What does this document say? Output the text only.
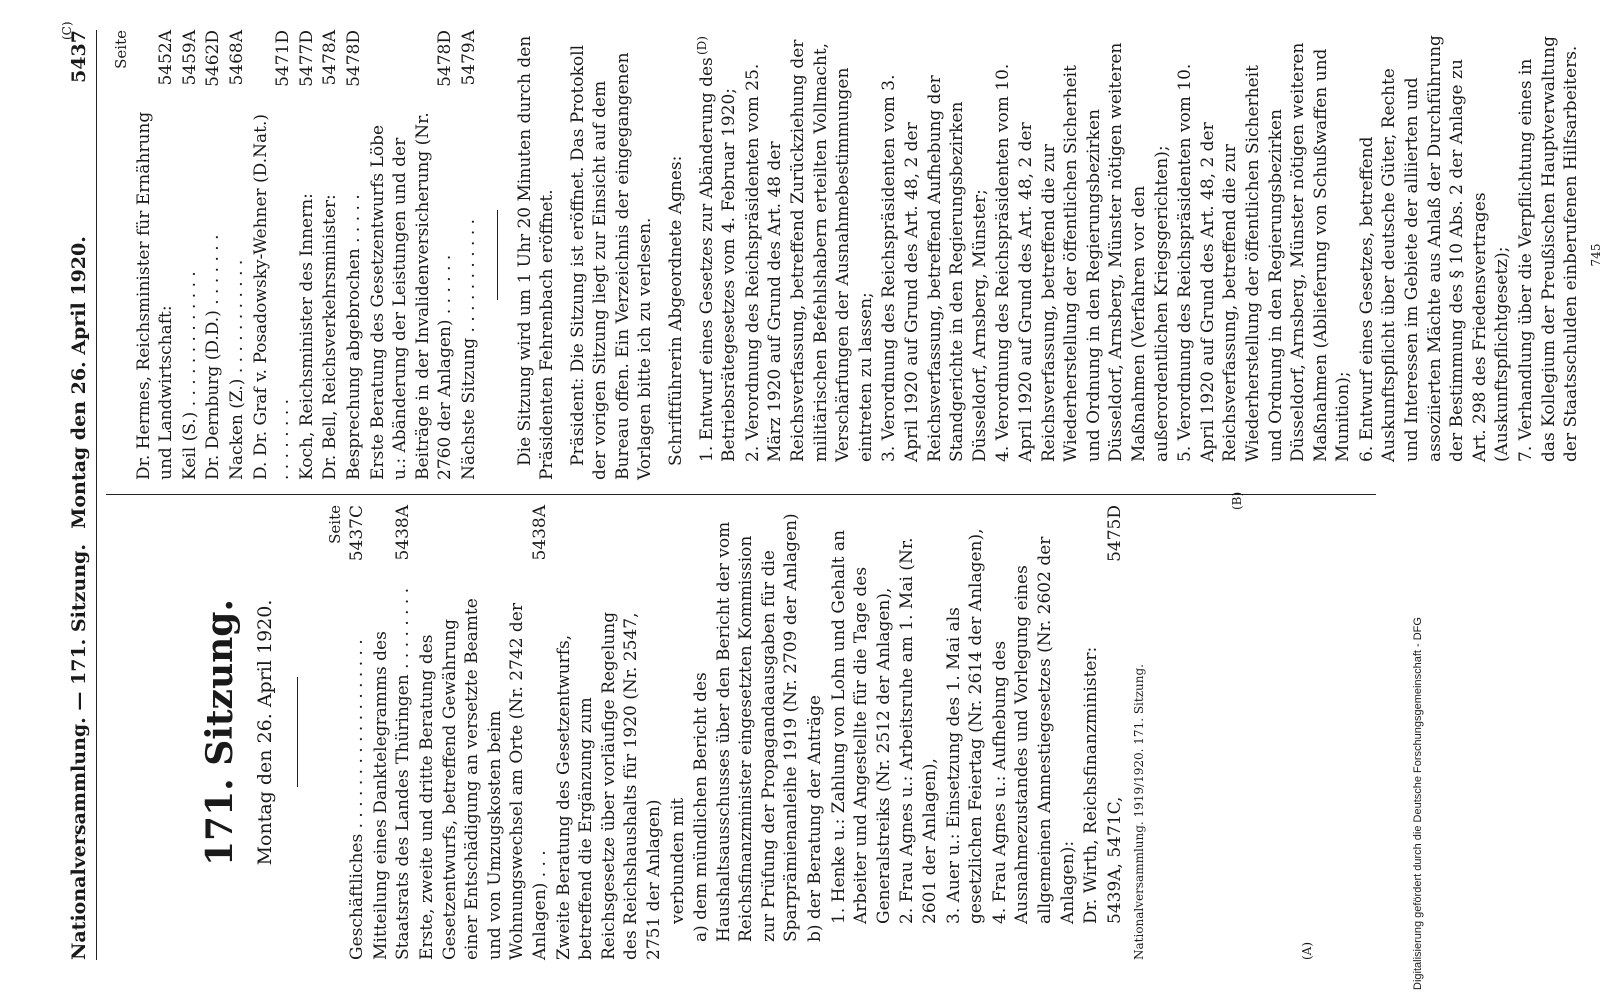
Nationalversammlung. — 171. Sitzung.
Montag den 26. April 1920.  5437
(A)
(B)
(C)
(D)
171. Sitzung. Montag den 26. April 1920.
Seite
Geschäftliches . . . . . . . . . . . . . . . . . .
5437C
Mitteilung eines Danktelegramms des Staatsrats des Landes Thüringen . . . . . . . .
5438A
Erste, zweite und dritte Beratung des Gesetzentwurfs, betreffend Gewährung einer Entschädigung an versetzte Beamte und von Umzugskosten beim Wohnungswechsel am Orte (Nr. 2742 der Anlagen) . . .
5438A
Zweite Beratung des Gesetzentwurfs, betreffend die Ergänzung zum Reichsgesetze über vorläufige Regelung des Reichshaushalts für 1920 (Nr. 2547, 2751 der Anlagen) verbunden mit a) dem mündlichen Bericht des Haushaltsausschusses über den Bericht der vom Reichsfinanzminister eingesetzten Kommission zur Prüfung der Propagandaausgaben für die Sparprämienanleihe 1919 (Nr. 2709 der Anlagen) b) der Beratung der Anträge 1. Henke u.: Zahlung von Lohn und Gehalt an Arbeiter und Angestellte für die Tage des Generalstreiks (Nr. 2512 der Anlagen), 2. Frau Agnes u.: Arbeitsruhe am 1. Mai (Nr. 2601 der Anlagen), 3. Auer u.: Einsetzung des 1. Mai als gesetzlichen Feiertag (Nr. 2614 der Anlagen), 4. Frau Agnes u.: Aufhebung des Ausnahmezustandes und Vorlegung eines allgemeinen Amnestiegesetzes (Nr. 2602 der Anlagen): Dr. Wirth, Reichsfinanzminister: 5439A, 5471C,
5475D
Nationalversammlung. 1919/1920. 171. Sitzung.
Seite
Dr. Hermes, Reichsminister für Ernährung und Landwirtschaft:
5452A
Keil (S.) . . . . . . . . . . . . .
5459A
Dr. Dernburg (D.D.) . . . . . . .
5462D
Nacken (Z.) . . . . . . . . . . .
5468A
D. Dr. Graf v. Posadowsky-Wehner (D.Nat.) . . . . . . . .
5471D
Koch, Reichsminister des Innern:
5477D
Dr. Bell, Reichsverkehrsminister:
5478A
Besprechung abgebrochen . . . . .
5478D
Erste Beratung des Gesetzentwurfs Löbe u.: Abänderung der Leistungen und der Beiträge in der Invalidenversicherung (Nr. 2760 der Anlagen) . . . . . .
5478D
Nächste Sitzung . . . . . . . . . . .
5479A Die Sitzung wird um 1 Uhr 20 Minuten durch den Präsidenten Fehrenbach eröffnet. Präsident: Die Sitzung ist eröffnet. Das Protokoll der vorigen Sitzung liegt zur Einsicht auf dem Bureau offen. Ein Verzeichnis der eingegangenen Vorlagen bitte ich zu verlesen. Schriftführerin Abgeordnete Agnes: 1. Entwurf eines Gesetzes zur Abänderung des Betriebsrätegesetzes vom 4. Februar 1920; 2. Verordnung des Reichspräsidenten vom 25. März 1920 auf Grund des Art. 48 der Reichsverfassung, betreffend Zurückziehung der militärischen Befehlshabern erteilten Vollmacht, Verschärfungen der Ausnahmebestimmungen eintreten zu lassen; 3. Verordnung des Reichspräsidenten vom 3. April 1920 auf Grund des Art. 48, 2 der Reichsverfassung, betreffend Aufhebung der Standgerichte in den Regierungsbezirken Düsseldorf, Arnsberg, Münster; 4. Verordnung des Reichspräsidenten vom 10. April 1920 auf Grund des Art. 48, 2 der Reichsverfassung, betreffend die zur Wiederherstellung der öffentlichen Sicherheit und Ordnung in den Regierungsbezirken Düsseldorf, Arnsberg, Münster nötigen weiteren Maßnahmen (Verfahren vor den außerordentlichen Kriegsgerichten); 5. Verordnung des Reichspräsidenten vom 10. April 1920 auf Grund des Art. 48, 2 der Reichsverfassung, betreffend die zur Wiederherstellung der öffentlichen Sicherheit und Ordnung in den Regierungsbezirken Düsseldorf, Arnsberg, Münster nötigen weiteren Maßnahmen (Ablieferung von Schußwaffen und Munition); 6. Entwurf eines Gesetzes, betreffend Auskunftspflicht über deutsche Güter, Rechte und Interessen im Gebiete der alliierten und assoziierten Mächte aus Anlaß der Durchführung der Bestimmung des § 10 Abs. 2 der Anlage zu Art. 298 des Friedensvertrages (Auskunftspflichtgesetz); 7. Verhandlung über die Verpflichtung eines in das Kollegium der Preußischen Hauptverwaltung der Staatsschulden einberufenen Hilfsarbeiters. 745
Digitalisierung gefördert durch die Deutsche Forschungsgemeinschaft - DFG
